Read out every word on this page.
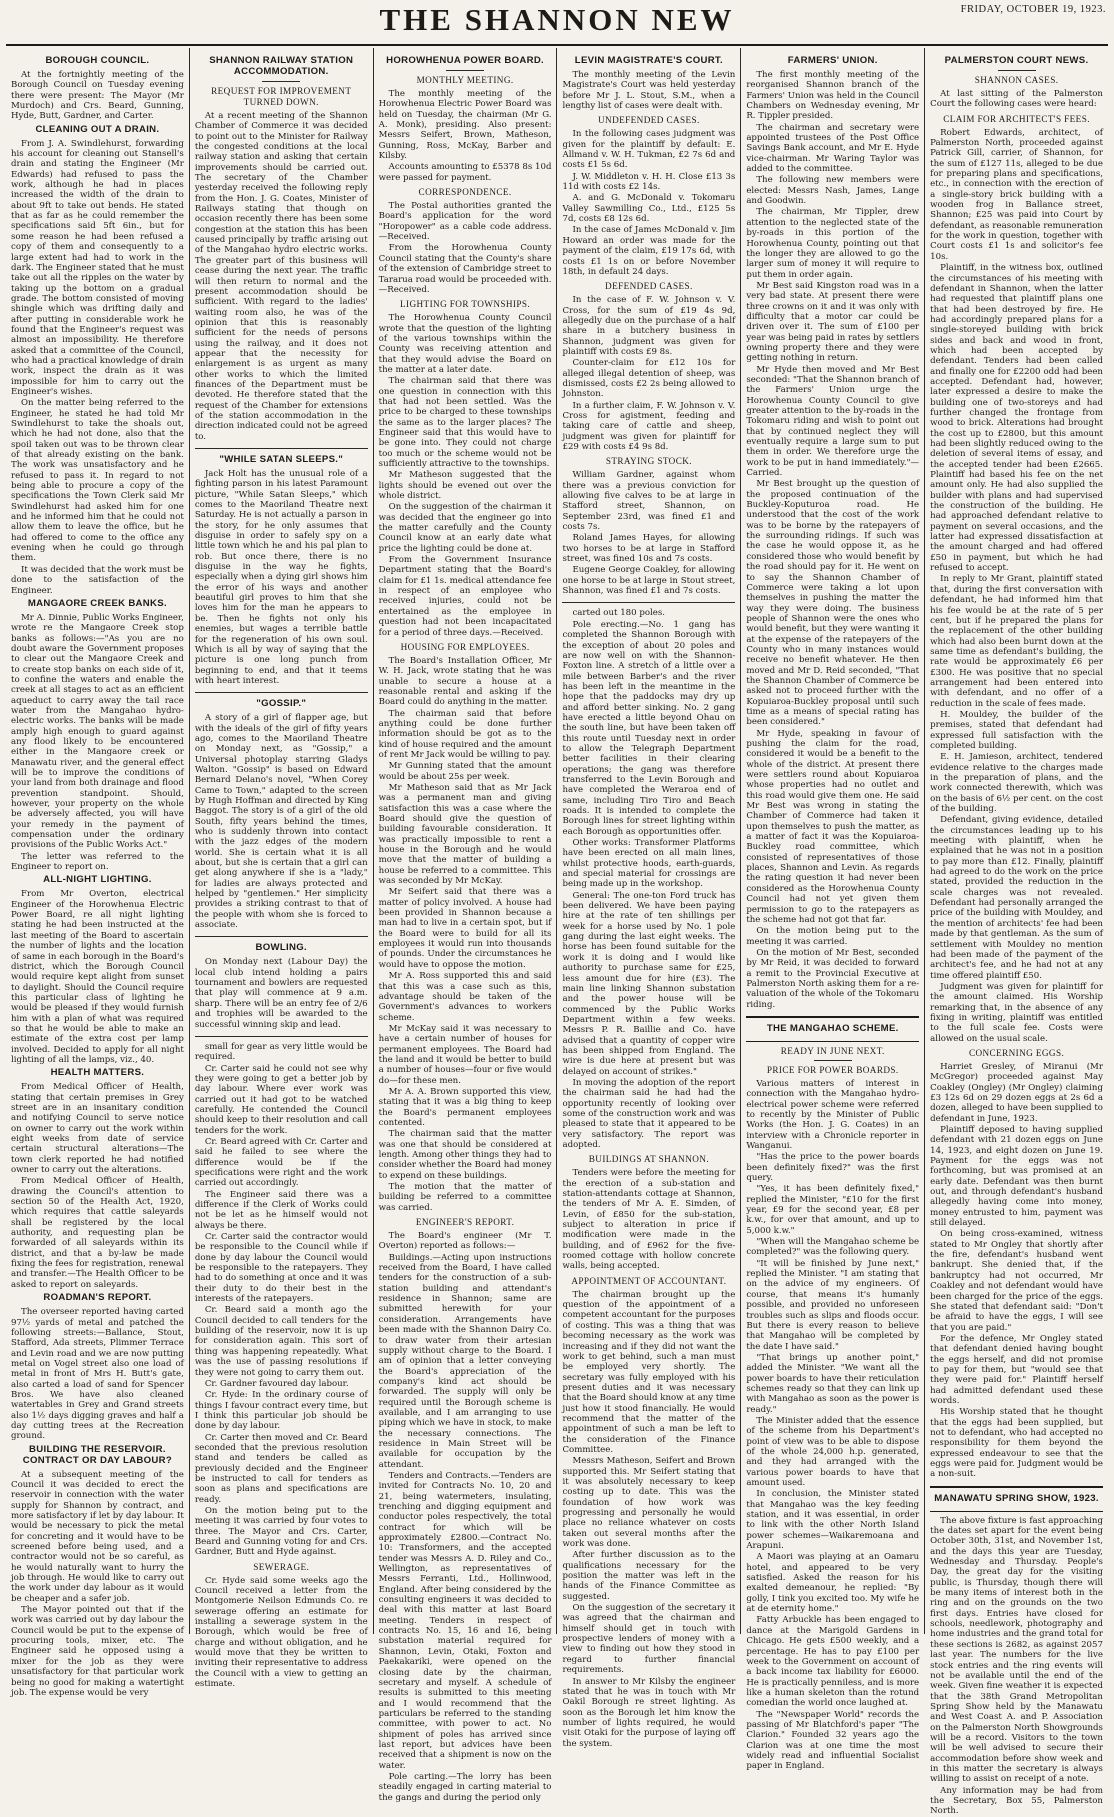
THE SHANNON NEW	FRIDAY, OCTOBER 19, 1923.
BOROUGH COUNCIL.

At the fortnightly meeting of the Borough Council on Tuesday evening there were present: The Mayor (Mr Murdoch) and Crs. Beard, Gunning, Hyde, Butt, Gardner, and Carter.

CLEANING OUT A DRAIN.

From J. A. Swindlehurst, forwarding his account for cleaning out Stansell's drain and stating the Engineer (Mr Edwards) had refused to pass the work, although he had in places increased the width of the drain to about 9ft to take out bends. He stated that as far as he could remember the specifications said 5ft 6in., but for some reason he had been refused a copy of them and consequently to a large extent had had to work in the dark. The Engineer stated that he must take out all the ripples on the water by taking up the bottom on a gradual grade. The bottom consisted of moving shingle which was drifting daily and after putting in considerable work he found that the Engineer's request was almost an impossibility. He therefore asked that a committee of the Council, who had a practical knowledge of drain work, inspect the drain as it was impossible for him to carry out the Engineer's wishes.

On the matter being referred to the Engineer, he stated he had told Mr Swindlehurst to take the shoals out, which he had not done, also that the spoil taken out was to be thrown clear of that already existing on the bank. The work was unsatisfactory and he refused to pass it. In regard to not being able to procure a copy of the specifications the Town Clerk said Mr Swindlehurst had asked him for one and he informed him that he could not allow them to leave the office, but he had offered to come to the office any evening when he could go through them.

It was decided that the work must be done to the satisfaction of the Engineer.

MANGAORE CREEK BANKS.

Mr A. Dinnie, Public Works Engineer, wrote re the Mangaore Creek stop banks as follows:—"As you are no doubt aware the Government proposes to clear out the Mangaore Creek and to create stop banks on each side of it, to confine the waters and enable the creek at all stages to act as an efficient aqueduct to carry away the tail race water from the Mangahao hydro-electric works. The banks will be made amply high enough to guard against any flood likely to be encountered either in the Mangaore creek or Manawatu river, and the general effect will be to improve the conditions of your land from both drainage and flood prevention standpoint. Should, however, your property on the whole be adversely affected, you will have your remedy in the payment of compensation under the ordinary provisions of the Public Works Act."

The letter was referred to the Engineer to report on.

ALL-NIGHT LIGHTING.

From Mr Overton, electrical Engineer of the Horowhenua Electric Power Board, re all night lighting stating he had been instructed at the last meeting of the Board to ascertain the number of lights and the location of same in each borough in the Board's district, which the Borough Council would require kept alight from sunset to daylight. Should the Council require this particular class of lighting he would be pleased if they would furnish him with a plan of what was required so that he would be able to make an estimate of the extra cost per lamp involved. Decided to apply for all night lighting of all the lamps, viz., 40.

HEALTH MATTERS.

From Medical Officer of Health, stating that certain premises in Grey street are in an insanitary condition and notifying Council to serve notice on owner to carry out the work within eight weeks from date of service certain structural alterations—The town clerk reported he had notified owner to carry out the alterations.

From Medical Officer of Health, drawing the Council's attention to section 50 of the Health Act, 1920, which requires that cattle saleyards shall be registered by the local authority, and requesting plan be forwarded of all saleyards within its district, and that a by-law be made fixing the fees for registration, renewal and transfer.—The Health Officer to be asked to report on saleyards.

ROADMAN'S REPORT.

The overseer reported having carted 97½ yards of metal and patched the following streets:—Ballance, Stout, Stafford, Ada streets, Plimmer Terrace and Levin road and we are now putting metal on Vogel street also one load of metal in front of Mrs H. Butt's gate, also carted a load of sand for Spencer Bros. We have also cleaned watertables in Grey and Grand streets also 1½ days digging graves and half a day cutting trees at the Recreation ground.

BUILDING THE RESERVOIR. CONTRACT OR DAY LABOUR?

At a subsequent meeting of the Council it was decided to erect the reservoir in connection with the water supply for Shannon by contract, and more satisfactory if let by day labour. It would be necessary to pick the metal for concreting and it would have to be screened before being used, and a contractor would not be so careful, as he would naturally want to hurry the job through. He would like to carry out the work under day labour as it would be cheaper and a safer job.

The Mayor pointed out that if the work was carried out by day labour the Council would be put to the expense of procuring tools, mixer, etc. The Engineer said he opposed using a mixer for the job as they were unsatisfactory for that particular work being no good for making a watertight job. The expense would be very

SHANNON RAILWAY STATION ACCOMMODATION.
REQUEST FOR IMPROVEMENT TURNED DOWN.

At a recent meeting of the Shannon Chamber of Commerce it was decided to point out to the Minister for Railway the congested conditions at the local railway station and asking that certain improvements should be carried out. The secretary of the Chamber yesterday received the following reply from the Hon. J. G. Coates, Minister of Railways stating that though on occasion recently there has been some congestion at the station this has been caused principally by traffic arising out of the Mangahao hydro electric works. The greater part of this business will cease during the next year. The traffic will then return to normal and the present accommodation should be sufficient. With regard to the ladies' waiting room also, he was of the opinion that this is reasonably sufficient for the needs of persons using the railway, and it does not appear that the necessity for enlargement is as urgent as many other works to which the limited finances of the Department must be devoted. He therefore stated that the request of the Chamber for extensions of the station accommodation in the direction indicated could not be agreed to.

"WHILE SATAN SLEEPS."

Jack Holt has the unusual role of a fighting parson in his latest Paramount picture, "While Satan Sleeps," which comes to the Maoriland Theatre next Saturday. He is not actually a parson in the story, for he only assumes that disguise in order to safely spy on a little town which he and his pal plan to rob. But once there, there is no disguise in the way he fights, especially when a dying girl shows him the error of his ways and another beautiful girl proves to him that she loves him for the man he appears to be. Then he fights not only his enemies, but wages a terrible battle for the regeneration of his own soul. Which is all by way of saying that the picture is one long punch from beginning to end, and that it teems with heart interest.

"GOSSIP."

A story of a girl of flapper age, but with the ideals of the girl of fifty years ago, comes to the Maoriland Theatre on Monday next, as "Gossip," a Universal photoplay starring Gladys Walton. "Gossip" is based on Edward Bernard Delano's novel, "When Corey Came to Town," adapted to the screen by Hugh Hoffman and directed by King Baggot. The story is of a girl of the old South, fifty years behind the times, who is suddenly thrown into contact with the jazz edges of the modern world. She is certain what it is all about, but she is certain that a girl can get along anywhere if she is a "lady," for ladies are always protected and helped by "gentlemen." Her simplicity provides a striking contrast to that of the people with whom she is forced to associate.

BOWLING.

On Monday next (Labour Day) the local club intend holding a pairs tournament and bowlers are requested that play will commence at 9 a.m. sharp. There will be an entry fee of 2/6 and trophies will be awarded to the successful winning skip and lead.

small for gear as very little would be required.

Cr. Carter said he could not see why they were going to get a better job by day labour. Where ever work was carried out it had got to be watched carefully. He contended the Council should keep to their resolution and call tenders for the work.

Cr. Beard agreed with Cr. Carter and said he failed to see where the difference would be if the specifications were right and the work carried out accordingly.

The Engineer said there was a difference if the Clerk of Works could not be let as he himself would not always be there.

Cr. Carter said the contractor would be responsible to the Council while if done by day labour the Council would be responsible to the ratepayers. They had to do something at once and it was their duty to do their best in the interests of the ratepayers.

Cr. Beard said a month ago the Council decided to call tenders for the building of the reservoir, now it is up for consideration again. This sort of thing was happening repeatedly. What was the use of passing resolutions if they were not going to carry them out.

Cr. Gardner favoured day labour.

Cr. Hyde: In the ordinary course of things I favour contract every time, but I think this particular job should be done by day labour.

Cr. Carter then moved and Cr. Beard seconded that the previous resolution stand and tenders be called as previously decided and the Engineer be instructed to call for tenders as soon as plans and specifications are ready.

On the motion being put to the meeting it was carried by four votes to three. The Mayor and Crs. Carter, Beard and Gunning voting for and Crs. Gardner, Butt and Hyde against.

SEWERAGE.

Cr. Hyde said some weeks ago the Council received a letter from the Montgomerie Neilson Edmunds Co. re sewerage offering an estimate for installing a sewerage system in the Borough, which would be free of charge and without obligation, and he would move that they be written to inviting their representative to address the Council with a view to getting an estimate.

HOROWHENUA POWER BOARD.
MONTHLY MEETING.

The monthly meeting of the Horowhenua Electric Power Board was held on Tuesday, the chairman (Mr G. A. Monk), presiding. Also present: Messrs Seifert, Brown, Matheson, Gunning, Ross, McKay, Barber and Kilsby.

Accounts amounting to £5378 8s 10d were passed for payment.

CORRESPONDENCE.

The Postal authorities granted the Board's application for the word "Horopower" as a cable code address.—Received.

From the Horowhenua County Council stating that the County's share of the extension of Cambridge street to Tararua road would be proceeded with.—Received.

LIGHTING FOR TOWNSHIPS.

The Horowhenua County Council wrote that the question of the lighting of the various townships within the County was receiving attention and that they would advise the Board on the matter at a later date.

The chairman said that there was one question in connection with this that had not been settled. Was the price to be charged to these townships the same as to the larger places? The Engineer said that this would have to be gone into. They could not charge too much or the scheme would not be sufficiently attractive to the townships.

Mr Matheson suggested that the lights should be evened out over the whole district.

On the suggestion of the chairman it was decided that the engineer go into the matter carefully and the County Council know at an early date what price the lighting could be done at.

From the Government Insurance Department stating that the Board's claim for £1 1s. medical attendance fee in respect of an employee who received injuries, could not be entertained as the employee in question had not been incapacitated for a period of three days.—Received.

HOUSING FOR EMPLOYEES.

The Board's Installation Officer, Mr W. H. Jack, wrote stating that he was unable to secure a house at a reasonable rental and asking if the Board could do anything in the matter.

The chairman said that before anything could be done further information should be got as to the kind of house required and the amount of rent Mr Jack would be willing to pay.

Mr Gunning stated that the amount would be about 25s per week.

Mr Matheson said that as Mr Jack was a permanent man and giving satisfaction this was a case where the Board should give the question of building favourable consideration. It was practically impossible to rent a house in the Borough and he would move that the matter of building a house be referred to a committee. This was seconded by Mr McKay.

Mr Seifert said that there was a matter of policy involved. A house had been provided in Shannon because a man had to live in a certain spot, but if the Board were to build for all its employees it would run into thousands of pounds. Under the circumstances he would have to oppose the motion.

Mr A. Ross supported this and said that this was a case such as this, advantage should be taken of the Government's advances to workers scheme.

Mr McKay said it was necessary to have a certain number of houses for permanent employees. The Board had the land and it would be better to build a number of houses—four or five would do—for these men.

Mr A. A. Brown supported this view, stating that it was a big thing to keep the Board's permanent employees contented.

The chairman said that the matter was one that should be considered at length. Among other things they had to consider whether the Board had money to expend on these buildings.

The motion that the matter of building be referred to a committee was carried.

ENGINEER'S REPORT.

The Board's engineer (Mr T. Overton) reported as follows:—

Buildings.—Acting upon instructions received from the Board, I have called tenders for the construction of a sub-station building and attendant's residence in Shannon; same are submitted herewith for your consideration. Arrangements have been made with the Shannon Dairy Co. to draw water from their artesian supply without charge to the Board. I am of opinion that a letter conveying the Board's appreciation of the company's kind act should be forwarded. The supply will only be required until the Borough scheme is available, and I am arranging to use piping which we have in stock, to make the necessary connections. The residence in Main Street will be available for occupation by the attendant.

Tenders and Contracts.—Tenders are invited for Contracts No. 10, 20 and 21, being watermeters, insulating, trenching and digging equipment and conductor poles respectively, the total contract for which will be approximately £2800.—Contract No. 10: Transformers, and the accepted tender was Messrs A. D. Riley and Co., Wellington, as representatives of Messrs Ferranti, Ltd., Hollinwood, England. After being considered by the consulting engineers it was decided to deal with this matter at last Board meeting. Tenders in respect of contracts No. 15, 16 and 16, being substation material required for Shannon, Levin, Otaki, Foxton and Paekakariki, were opened on the closing date by the chairman, secretary and myself. A schedule of results is submitted to this meeting and I would recommend that the particulars be referred to the standing committee, with power to act. No shipment of poles has arrived since last report, but advices have been received that a shipment is now on the water.

Pole carting.—The lorry has been steadily engaged in carting material to the gangs and during the period only

LEVIN MAGISTRATE'S COURT.

The monthly meeting of the Levin Magistrate's Court was held yesterday before Mr J. L. Stout, S.M., when a lengthy list of cases were dealt with.

UNDEFENDED CASES.

In the following cases judgment was given for the plaintiff by default: E. Allmand v. W. H. Tukman, £2 7s 6d and costs £1 5s 6d.

J. W. Middleton v. H. H. Close £13 3s 11d with costs £2 14s.

A. and G. McDonald v. Tokomaru Valley Sawmilling Co., Ltd., £125 5s 7d, costs £8 12s 6d.

In the case of James McDonald v. Jim Howard an order was made for the payment of the claim, £19 17s 6d, with costs £1 1s on or before November 18th, in default 24 days.

DEFENDED CASES.

In the case of F. W. Johnson v. V. Cross, for the sum of £19 4s 9d, allegedly due on the purchase of a half share in a butchery business in Shannon, judgment was given for plaintiff with costs £9 8s.

Counter-claim for £12 10s for alleged illegal detention of sheep, was dismissed, costs £2 2s being allowed to Johnston.

In a further claim, F. W. Johnson v. V. Cross for agistment, feeding and taking care of cattle and sheep, judgment was given for plaintiff for £29 with costs £4 9s 8d.

STRAYING STOCK.

William Gardner, against whom there was a previous conviction for allowing five calves to be at large in Stafford street, Shannon, on September 23rd, was fined £1 and costs 7s.

Roland James Hayes, for allowing two horses to be at large in Stafford street, was fined 10s and 7s costs.

Eugene George Coakley, for allowing one horse to be at large in Stout street, Shannon, was fined £1 and 7s costs.

carted out 180 poles.

Pole erecting.—No. 1 gang has completed the Shannon Borough with the exception of about 20 poles and are now well on with the Shannon-Foxton line. A stretch of a little over a mile between Barber's and the river has been left in the meantime in the hope that the paddocks may dry up and afford better sinking. No. 2 gang have erected a little beyond Ohau on the south line, but have been taken off this route until Tuesday next in order to allow the Telegraph Department better facilities in their clearing operations; the gang was therefore transferred to the Levin Borough and have completed the Weraroa end of same, including Tiro Tiro and Beach roads. It is intended to complete the Borough lines for street lighting within each Borough as opportunities offer.

Other works: Transformer Platforms have been erected on all main lines, whilst protective hoods, earth-guards, and special material for crossings are being made up in the workshop.

General: The one-ton Ford truck has been delivered. We have been paying hire at the rate of ten shillings per week for a horse used by No. 1 pole gang during the last eight weeks. The horse has been found suitable for the work it is doing and I would like authority to purchase same for £25, less amount due for hire (£3). The main line linking Shannon substation and the power house will be commenced by the Public Works Department within a few weeks. Messrs P. R. Baillie and Co. have advised that a quantity of copper wire has been shipped from England. The wire is due here at present but was delayed on account of strikes."

In moving the adoption of the report the chairman said he had had the opportunity recently of looking over some of the construction work and was pleased to state that it appeared to be very satisfactory. The report was adopted.

BUILDINGS AT SHANNON.

Tenders were before the meeting for the erection of a sub-station and station-attendants cottage at Shannon, the tenders of Mr A. E. Simden, of Levin, of £850 for the sub-station, subject to alteration in price if modification were made in the building, and of £962 for the five-roomed cottage with hollow concrete walls, being accepted.

APPOINTMENT OF ACCOUNTANT.

The chairman brought up the question of the appointment of a competent accountant for the purposes of costing. This was a thing that was becoming necessary as the work was increasing and if they did not want the work to get behind, such a man must be employed very shortly. The secretary was fully employed with his present duties and it was necessary that the Board should know at any time just how it stood financially. He would recommend that the matter of the appointment of such a man be left to the consideration of the Finance Committee.

Messrs Matheson, Seifert and Brown supported this. Mr Seifert stating that it was absolutely necessary to keep costing up to date. This was the foundation of how work was progressing and personally he would place no reliance whatever on costs taken out several months after the work was done.

After further discussion as to the qualifications necessary for the position the matter was left in the hands of the Finance Committee as suggested.

On the suggestion of the secretary it was agreed that the chairman and himself should get in touch with prospective lenders of money with a view to finding out how they stood in regard to further financial requirements.

In answer to Mr Kilsby the engineer stated that he was in touch with Mr Oakil Borough re street lighting. As soon as the Borough let him know the number of lights required, he would visit Otaki for the purpose of laying off the system.

FARMERS' UNION.

The first monthly meeting of the reorganised Shannon branch of the Farmers' Union was held in the Council Chambers on Wednesday evening, Mr R. Tippler presided.

The chairman and secretary were appointed trustees of the Post Office Savings Bank account, and Mr E. Hyde vice-chairman. Mr Waring Taylor was added to the committee.

The following new members were elected: Messrs Nash, James, Lange and Goodwin.

The chairman, Mr Tippler, drew attention to the neglected state of the by-roads in this portion of the Horowhenua County, pointing out that the longer they are allowed to go the larger sum of money it will require to put them in order again.

Mr Best said Kingston road was in a very bad state. At present there were three crowns on it and it was only with difficulty that a motor car could be driven over it. The sum of £100 per year was being paid in rates by settlers owning property there and they were getting nothing in return.

Mr Hyde then moved and Mr Best seconded: "That the Shannon branch of the Farmers' Union urge the Horowhenua County Council to give greater attention to the by-roads in the Tokomaru riding and wish to point out that by continued neglect they will eventually require a large sum to put them in order. We therefore urge the work to be put in hand immediately."—Carried.

Mr Best brought up the question of the proposed continuation of the Buckley-Koputuroa road. He understood that the cost of the work was to be borne by the ratepayers of the surrounding ridings. If such was the case he would oppose it, as he considered those who would benefit by the road should pay for it. He went on to say the Shannon Chamber of Commerce were taking a lot upon themselves in pushing the matter the way they were doing. The business people of Shannon were the ones who would benefit, but they were wanting it at the expense of the ratepayers of the County who in many instances would receive no benefit whatever. He then moved and Mr D. Reid seconded, "That the Shannon Chamber of Commerce be asked not to proceed further with the Kopuiaroa-Buckley proposal until such time as a means of special rating has been considered."

Mr Hyde, speaking in favour of pushing the claim for the road, considered it would be a benefit to the whole of the district. At present there were settlers round about Kopuiaroa whose properties had no outlet and this road would give them one. He said Mr Best was wrong in stating the Chamber of Commerce had taken it upon themselves to push the matter, as a matter of fact it was the Kopuiaroa-Buckley road committee, which consisted of representatives of those places, Shannon and Levin. As regards the rating question it had never been considered as the Horowhenua County Council had not yet given them permission to go to the ratepayers as the scheme had not got that far.

On the motion being put to the meeting it was carried.

On the motion of Mr Best, seconded by Mr Reid, it was decided to forward a remit to the Provincial Executive at Palmerston North asking them for a re-valuation of the whole of the Tokomaru riding.

THE MANGAHAO SCHEME.
READY IN JUNE NEXT.
PRICE FOR POWER BOARDS.

Various matters of interest in connection with the Mangahao hydro-electrical power scheme were referred to recently by the Minister of Public Works (the Hon. J. G. Coates) in an interview with a Chronicle reporter in Wanganui.

"Has the price to the power boards been definitely fixed?" was the first query.

"Yes, it has been definitely fixed," replied the Minister, "£10 for the first year, £9 for the second year, £8 per k.w., for over that amount, and up to 5,000 k.w."

"When will the Mangahao scheme be completed?" was the following query.

"It will be finished by June next," replied the Minister. "I am stating that on the advice of my engineers. Of course, that means it's humanly possible, and provided no unforeseen troubles such as slips and floods occur. But there is every reason to believe that Mangahao will be completed by the date I have said."

"That brings up another point," added the Minister. "We want all the power boards to have their reticulation schemes ready so that they can link up with Mangahao as soon as the power is ready."

The Minister added that the essence of the scheme from his Department's point of view was to be able to dispose of the whole 24,000 h.p. generated, and they had arranged with the various power boards to have that amount used.

In conclusion, the Minister stated that Mangahao was the key feeding station, and it was essential, in order to link with the other North Island power schemes—Waikaremoana and Arapuni.

A Maori was playing at an Oamaru hotel, and appeared to be very satisfied. Asked the reason for his exalted demeanour, he replied: "By golly, I tink you excited too. My wife he at de eternity home."

Fatty Arbuckle has been engaged to dance at the Marigold Gardens in Chicago. He gets £500 weekly, and a percentage. He has to pay £100 per week to the Government on account of a back income tax liability for £6000. He is practically penniless, and is more like a human skeleton than the rotund comedian the world once laughed at.

The "Newspaper World" records the passing of Mr Blatchford's paper "The Clarion." Founded 32 years ago the Clarion was at one time the most widely read and influential Socialist paper in England.

PALMERSTON COURT NEWS.
SHANNON CASES.

At last sitting of the Palmerston Court the following cases were heard:

CLAIM FOR ARCHITECT'S FEES.

Robert Edwards, architect, of Palmerston North, proceeded against Patrick Gill, carrier, of Shannon, for the sum of £127 11s, alleged to be due for preparing plans and specifications, etc., in connection with the erection of a single-story brick building with a wooden frog in Ballance street, Shannon; £25 was paid into Court by defendant, as reasonable remuneration for the work in question, together with Court costs £1 1s and solicitor's fee 10s.

Plaintiff, in the witness box, outlined the circumstances of his meeting with defendant in Shannon, when the latter had requested that plaintiff plans one that had been destroyed by fire. He had accordingly prepared plans for a single-storeyed building with brick sides and back and wood in front, which had been accepted by defendant. Tenders had been called and finally one for £2200 odd had been accepted. Defendant had, however, later expressed a desire to make the building one of two-storeys and had further changed the frontage from wood to brick. Alterations had brought the cost up to £2800, but this amount had been slightly reduced owing to the deletion of several items of essay, and the accepted tender had been £2665. Plaintiff had based his fee on the net amount only. He had also supplied the builder with plans and had supervised the construction of the building. He had approached defendant relative to payment on several occasions, and the latter had expressed dissatisfaction at the amount charged and had offered £50 in payment, but which he had refused to accept.

In reply to Mr Grant, plaintiff stated that, during the first conversation with defendant, he had informed him that his fee would be at the rate of 5 per cent, but if he prepared the plans for the replacement of the other building which had also been burnt down at the same time as defendant's building, the rate would be approximately £6 per £300. He was positive that no special arrangement had been entered into with defendant, and no offer of a reduction in the scale of fees made.

H. Mouldey, the builder of the premises, stated that defendant had expressed full satisfaction with the completed building.

E. H. Jamieson, architect, tendered evidence relative to the charges made in the preparation of plans, and the work connected therewith, which was on the basis of 6½ per cent. on the cost of the building.

Defendant, giving evidence, detailed the circumstances leading up to his meeting with plaintiff, when he explained that he was not in a position to pay more than £12. Finally, plaintiff had agreed to do the work on the price stated, provided the reduction in the scale charges was not revealed. Defendant had personally arranged the price of the building with Mouldey, and the mention of architects' fee had been made by that gentleman. As the sum of settlement with Mouldey no mention had been made of the payment of the architect's fee, and he had not at any time offered plaintiff £50.

Judgment was given for plaintiff for the amount claimed. His Worship remarking that, in the absence of any fixing in writing, plaintiff was entitled to the full scale fee. Costs were allowed on the usual scale.

CONCERNING EGGS.

Harriet Gresley, of Miranui (Mr McGregor) proceeded against May Coakley (Ongley) (Mr Ongley) claiming £3 12s 6d on 29 dozen eggs at 2s 6d a dozen, alleged to have been supplied to defendant in June, 1923.

Plaintiff deposed to having supplied defendant with 21 dozen eggs on June 14, 1923, and eight dozen on June 19. Payment for the eggs was not forthcoming, but was promised at an early date. Defendant was then burnt out, and through defendant's husband allegedly having come into money, money entrusted to him, payment was still delayed.

On being cross-examined, witness stated to Mr Ongley that shortly after the fire, defendant's husband went bankrupt. She denied that, if the bankruptcy had not occurred, Mr Coakley and not defendant would have been charged for the price of the eggs. She stated that defendant said: "Don't be afraid to have the eggs, I will see that you are paid."

For the defence, Mr Ongley stated that defendant denied having bought the eggs herself, and did not promise to pay for them, but "would see that they were paid for." Plaintiff herself had admitted defendant used these words.

His Worship stated that he thought that the eggs had been supplied, but not to defendant, who had accepted no responsibility for them beyond the expressed endeavour to see that the eggs were paid for. Judgment would be a non-suit.

MANAWATU SPRING SHOW, 1923.

The above fixture is fast approaching the dates set apart for the event being October 30th, 31st, and November 1st, and the days this year are Tuesday, Wednesday and Thursday. People's Day, the great day for the visiting public, is Thursday, though there will be many items of interest both in the ring and on the grounds on the two first days. Entries have closed for schools, needlework, photography and home industries and the grand total for these sections is 2682, as against 2057 last year. The numbers for the live stock entries and the ring events will not be available until the end of the week. Given fine weather it is expected that the 38th Grand Metropolitan Spring Show held by the Manawatu and West Coast A. and P. Association on the Palmerston North Showgrounds will be a record. Visitors to the town will be well advised to secure their accommodation before show week and in this matter the secretary is always willing to assist on receipt of a note.

Any information may be had from the Secretary, Box 55, Palmerston North.
